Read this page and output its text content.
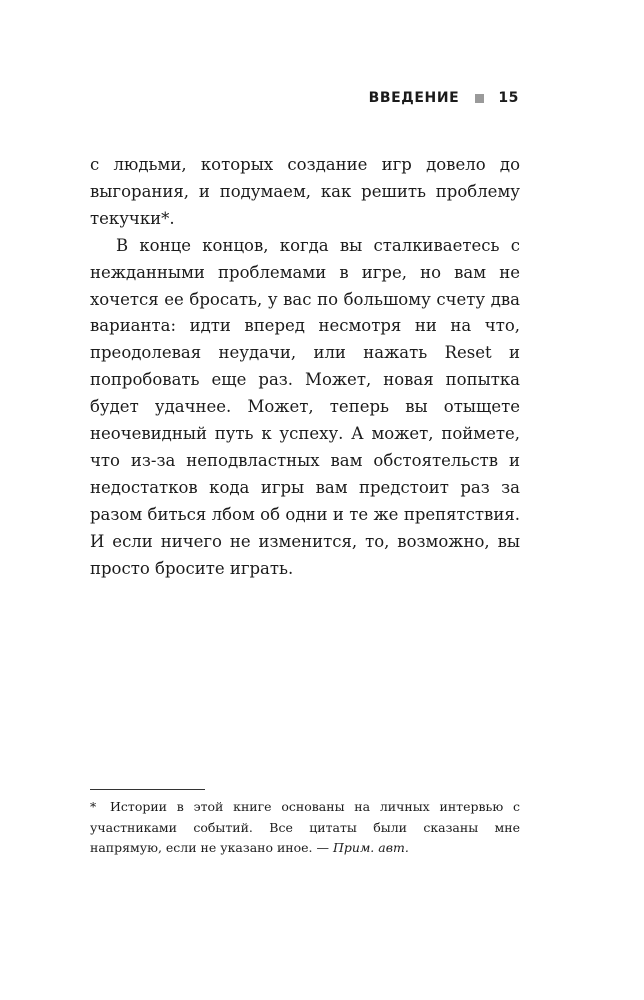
ВВЕДЕНИЕ	15

с людьми, которых создание игр довело до выгорания, и подумаем, как решить проблему текучки*.

В конце концов, когда вы сталкиваетесь с нежданными проблемами в игре, но вам не хочется ее бросать, у вас по большому счету два варианта: идти вперед несмотря ни на что, преодолевая неудачи, или нажать Reset и попробовать еще раз. Может, новая попытка будет удачнее. Может, теперь вы отыщете неочевидный путь к успеху. А может, поймете, что из-за неподвластных вам обстоятельств и недостатков кода игры вам предстоит раз за разом биться лбом об одни и те же препятствия. И если ничего не изменится, то, возможно, вы просто бросите играть.

* Истории в этой книге основаны на личных интервью с участниками событий. Все цитаты были сказаны мне напрямую, если не указано иное. — Прим. авт.
